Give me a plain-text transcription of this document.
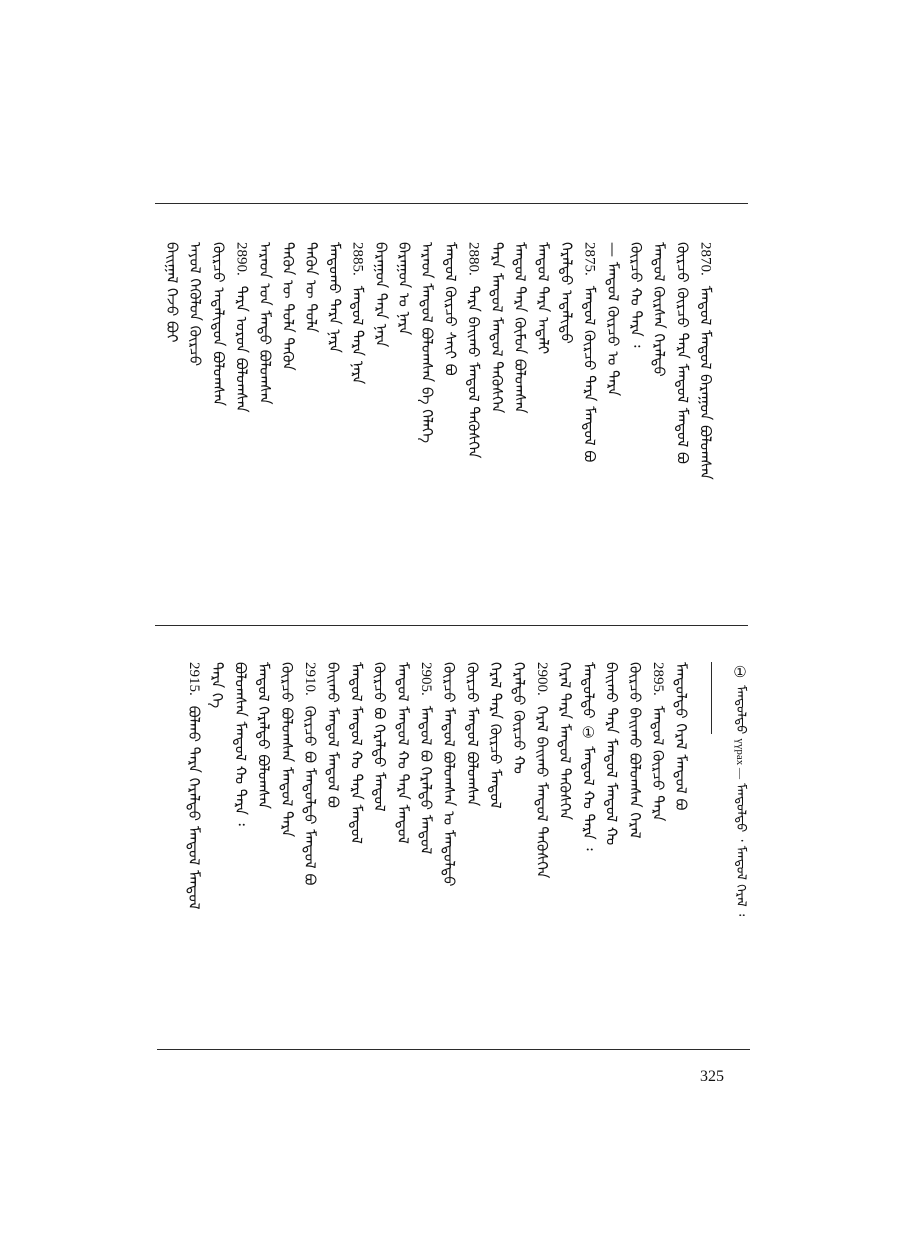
ᠪᠠᠢ᠌ᠭᠠᠯ ᠭᠡᠵᠦ ᠪᠤᠢ ᠠᠶᠤᠯ ᠬᠡᠭᠦᠯᠦᠨ ᠬᠦᠷᠴᠦ ᠬᠦᠷᠴᠦ ᠠᠳᠠᠯᠢᠳᠤᠨ ᠪᠣᠯᠤᠭᠰᠠᠨ 2890.ᠲᠡᠷᠡ ᠣᠷᠣᠨ ᠪᠣᠯᠤᠭᠰᠠᠨ ᠠᠷᠠᠳ ᠤᠨ ᠮᠡᠨᠳᠦ ᠪᠣᠯᠤᠭᠰᠠᠨ ᠲᠡᠭᠦᠨ ᠦ ᠲᠤᠯᠠ ᠲᠡᠭᠦᠨ ᠲᠡᠭᠦᠨ ᠦ ᠲᠤᠯᠠ ᠮᠠᠨᠳᠤᠬᠤ ᠲᠡᠷᠡ ᠨᠠᠷᠠ 2885.ᠮᠠᠨᠳᠤᠯ ᠲᠡᠷᠡ ᠨᠠᠷᠠ ᠪᠠᠷᠠᠭᠤᠨ ᠲᠡᠷᠡ ᠨᠠᠷᠠ ᠪᠠᠷᠠᠭᠤᠨ ᠤ ᠨᠠᠷᠠ ᠠᠷᠠᠳ ᠮᠠᠨᠳᠤᠯ ᠪᠣᠯᠤᠭᠰᠠᠨ ᠪᠠ ᠬᠡᠯᠡᠭᠡ ᠮᠠᠨᠳᠤᠯ ᠬᠦᠷᠴᠦ ᠰᠠᠶ᠋ᠢ ᠪᠤ 2880.ᠲᠡᠷᠡ ᠪᠠᠢ᠌ᠬᠤ ᠮᠠᠨᠳᠤᠯ ᠲᠡᠭᠦᠰᠬᠡᠨ ᠲᠡᠷᠡ ᠮᠠᠨᠳᠤᠯ ᠮᠠᠨᠳᠤᠯ ᠲᠡᠭᠦᠰᠬᠡᠨ ᠮᠠᠨᠳᠤᠯ ᠲᠡᠷᠡ ᠬᠦᠮᠦᠨ ᠪᠣᠯᠤᠭᠰᠠᠨ ᠮᠠᠨᠳᠤᠯ ᠲᠡᠷᠡ ᠠᠳᠠᠯᠢ ᠭᠡᠷᠡᠯᠲᠦ ᠠᠳᠠᠯᠢᠳᠤ 2875.ᠮᠠᠨᠳᠤᠯ ᠬᠦᠷᠴᠦ ᠲᠡᠷᠡ ᠮᠠᠨᠳᠤᠯ ᠪᠤ — ᠮᠠᠨᠳᠤᠯ ᠬᠦᠷᠴᠦ ᠤ ᠲᠡᠷᠡ ᠬᠦᠷᠴᠦ ᠬᠤ ᠲᠡᠷᠡ ᠄ ᠮᠠᠨᠳᠤᠯ ᠬᠦᠷᠰᠡᠨ ᠭᠡᠷᠡᠯᠲᠦ ᠬᠦᠷᠴᠦ ᠬᠦᠷᠴᠦ ᠲᠡᠷᠡ ᠮᠠᠨᠳᠤᠯ ᠮᠠᠨᠳᠤᠯ ᠪᠤ 2870.ᠮᠠᠨᠳᠤᠯ ᠮᠠᠨᠳᠤᠯ ᠪᠠᠷᠠᠭᠤᠨ ᠪᠣᠯᠤᠭᠰᠠᠨ
2915.ᠪᠣᠯᠬᠤ ᠲᠡᠷᠡ ᠭᠡᠷᠡᠯᠲᠦ ᠮᠠᠨᠳᠤᠯ ᠮᠠᠨᠳᠤᠯ
ᠲᠡᠷᠡ ᠭᠡ ᠪᠣᠯᠤᠭᠰᠠᠨ ᠮᠠᠨᠳᠤᠯ ᠬᠤ ᠲᠡᠷᠡ ᠄ ᠮᠠᠨᠳᠤᠯ ᠭᠡᠷᠡᠯᠲᠦ ᠪᠣᠯᠤᠭᠰᠠᠨ ᠬᠦᠷᠴᠦ ᠪᠣᠯᠤᠭᠰᠠᠨ ᠮᠠᠨᠳᠤᠯ ᠲᠡᠷᠡ 2910.ᠬᠦᠷᠴᠦ ᠪᠤ ᠮᠠᠨᠳᠤᠯᠲᠤ ᠮᠠᠨᠳᠤᠯ ᠪᠤ ᠪᠠᠢ᠌ᠬᠤ ᠮᠠᠨᠳᠤᠯ ᠮᠠᠨᠳᠤᠯ ᠪᠤ ᠮᠠᠨᠳᠤᠯ ᠮᠠᠨᠳᠤᠯ ᠬᠤ ᠲᠡᠷᠡ ᠮᠠᠨᠳᠤᠯ ᠬᠦᠷᠴᠦ ᠪᠤ ᠭᠡᠷᠡᠯᠲᠦ ᠮᠠᠨᠳᠤᠯ ᠮᠠᠨᠳᠤᠯ ᠮᠠᠨᠳᠤᠯ ᠬᠤ ᠲᠡᠷᠡ ᠮᠠᠨᠳᠤᠯ 2905.ᠮᠠᠨᠳᠤᠯ ᠪᠤ ᠭᠡᠷᠡᠯᠲᠦ ᠮᠠᠨᠳᠤᠯ ᠬᠦᠷᠴᠦ ᠮᠠᠨᠳᠤᠯ ᠪᠣᠯᠤᠭᠰᠠᠨ ᠤ ᠮᠠᠨᠳᠤᠯᠲᠤ ᠬᠦᠷᠴᠦ ᠮᠠᠨᠳᠤᠯ ᠪᠣᠯᠤᠭᠰᠠᠨ ᠭᠡᠷᠡᠯ ᠲᠡᠷᠡ ᠬᠦᠷᠴᠦ ᠮᠠᠨᠳᠤᠯ ᠭᠡᠷᠡᠯᠲᠦ ᠬᠦᠷᠴᠦ ᠬᠤ 2900.ᠭᠡᠷᠡᠯ ᠪᠠᠢ᠌ᠬᠤ ᠮᠠᠨᠳᠤᠯ ᠲᠡᠭᠦᠰᠬᠡᠨ ᠭᠡᠷᠡᠯ ᠲᠡᠷᠡ ᠮᠠᠨᠳᠤᠯ ᠲᠡᠭᠦᠰᠬᠡᠨ ᠮᠠᠨᠳᠤᠯᠲᠤ ① ᠮᠠᠨᠳᠤᠯ ᠬᠤ ᠲᠡᠷᠡ ᠄ ᠪᠠᠢ᠌ᠬᠤ ᠲᠡᠷᠡ ᠮᠠᠨᠳᠤᠯ ᠮᠠᠨᠳᠤᠯ ᠬᠤ ᠬᠦᠷᠴᠦ ᠪᠠᠢ᠌ᠬᠤ ᠪᠣᠯᠤᠭᠰᠠᠨ ᠭᠡᠷᠡᠯ 2895.ᠮᠠᠨᠳᠤᠯ ᠬᠦᠷᠴᠦ ᠲᠡᠷᠡ ᠮᠠᠨᠳᠤᠯᠲᠤ ᠭᠡᠷᠡᠯ ᠮᠠᠨᠳᠤᠯ ᠪᠤ	① ᠮᠠᠨᠳᠤᠯᠲᠤ үүрах — ᠮᠠᠨᠳᠤᠯᠲᠤ ᠂ ᠮᠠᠨᠳᠤᠯ ᠭᠡᠷᠡᠯ ᠄
325
